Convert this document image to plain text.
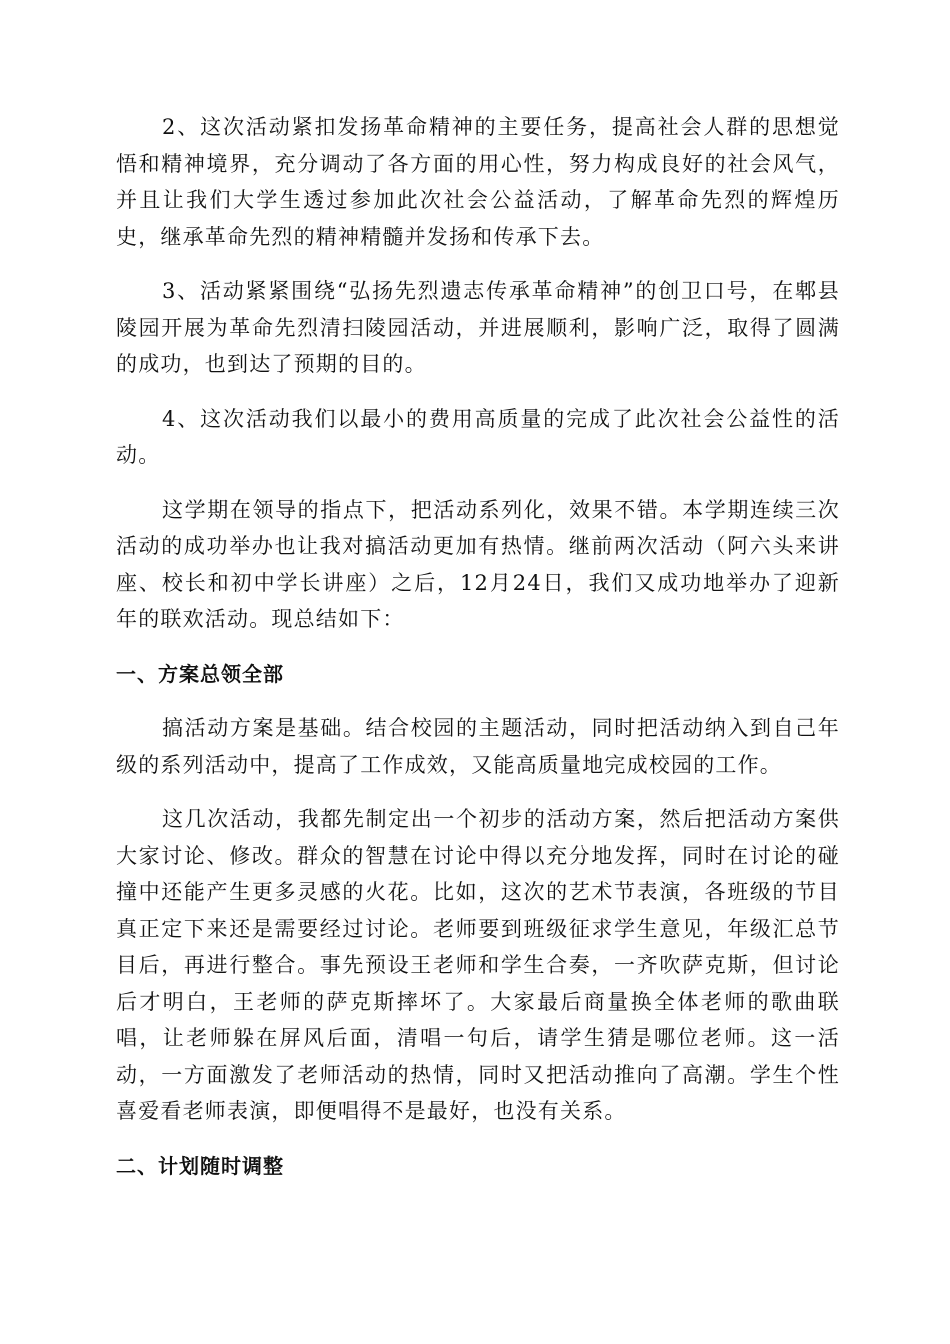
2、这次活动紧扣发扬革命精神的主要任务，提高社会人群的思想觉悟和精神境界，充分调动了各方面的用心性，努力构成良好的社会风气，并且让我们大学生透过参加此次社会公益活动，了解革命先烈的辉煌历史，继承革命先烈的精神精髓并发扬和传承下去。

3、活动紧紧围绕“弘扬先烈遗志传承革命精神”的创卫口号，在郫县陵园开展为革命先烈清扫陵园活动，并进展顺利，影响广泛，取得了圆满的成功，也到达了预期的目的。

4、这次活动我们以最小的费用高质量的完成了此次社会公益性的活动。

这学期在领导的指点下，把活动系列化，效果不错。本学期连续三次活动的成功举办也让我对搞活动更加有热情。继前两次活动（阿六头来讲座、校长和初中学长讲座）之后，12月24日，我们又成功地举办了迎新年的联欢活动。现总结如下：

一、方案总领全部

搞活动方案是基础。结合校园的主题活动，同时把活动纳入到自己年级的系列活动中，提高了工作成效，又能高质量地完成校园的工作。

这几次活动，我都先制定出一个初步的活动方案，然后把活动方案供大家讨论、修改。群众的智慧在讨论中得以充分地发挥，同时在讨论的碰撞中还能产生更多灵感的火花。比如，这次的艺术节表演，各班级的节目真正定下来还是需要经过讨论。老师要到班级征求学生意见，年级汇总节目后，再进行整合。事先预设王老师和学生合奏，一齐吹萨克斯，但讨论后才明白，王老师的萨克斯摔坏了。大家最后商量换全体老师的歌曲联唱，让老师躲在屏风后面，清唱一句后，请学生猜是哪位老师。这一活动，一方面激发了老师活动的热情，同时又把活动推向了高潮。学生个性喜爱看老师表演，即便唱得不是最好，也没有关系。

二、计划随时调整
